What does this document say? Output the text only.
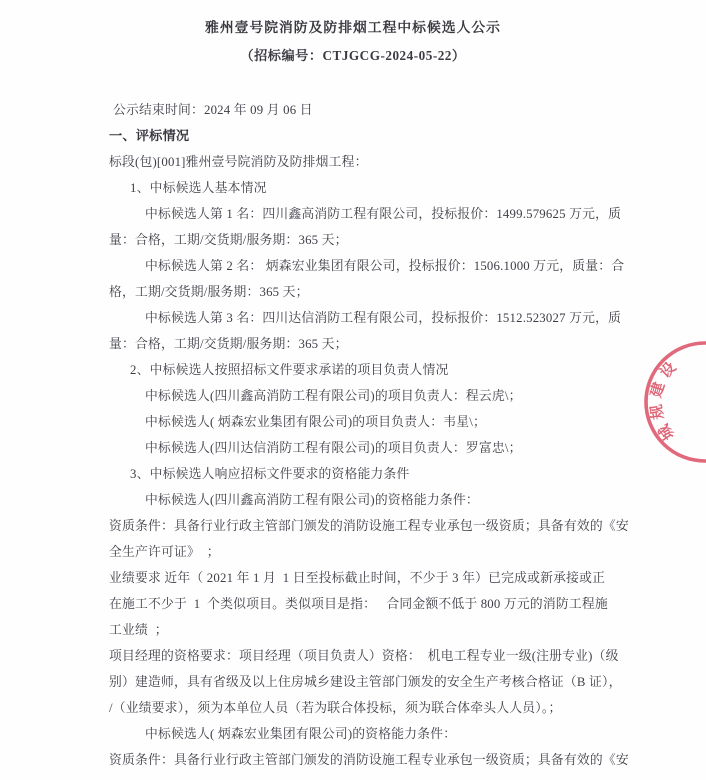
雅州壹号院消防及防排烟工程中标候选人公示
（招标编号：CTJGCG-2024-05-22）
公示结束时间：2024 年 09 月 06 日
一、评标情况
标段(包)[001]雅州壹号院消防及防排烟工程：
1、中标候选人基本情况
中标候选人第 1 名：四川鑫高消防工程有限公司，投标报价：1499.579625 万元，质
量：合格，工期/交货期/服务期：365 天；
中标候选人第 2 名： 炳森宏业集团有限公司，投标报价：1506.1000 万元，质量：合
格，工期/交货期/服务期：365 天；
中标候选人第 3 名：四川达信消防工程有限公司，投标报价：1512.523027 万元，质
量：合格，工期/交货期/服务期：365 天；
2、中标候选人按照招标文件要求承诺的项目负责人情况
中标候选人(四川鑫高消防工程有限公司)的项目负责人：程云虎\；
中标候选人( 炳森宏业集团有限公司)的项目负责人：韦星\；
中标候选人(四川达信消防工程有限公司)的项目负责人：罗富忠\；
3、中标候选人响应招标文件要求的资格能力条件
中标候选人(四川鑫高消防工程有限公司)的资格能力条件：
资质条件：具备行业行政主管部门颁发的消防设施工程专业承包一级资质；具备有效的《安
全生产许可证》  ；
业绩要求 近年（ 2021 年 1 月  1 日至投标截止时间，不少于 3 年）已完成或新承接或正
在施工不少于  1  个类似项目。类似项目是指：   合同金额不低于 800 万元的消防工程施
工业绩  ；
项目经理的资格要求：项目经理（项目负责人）资格：  机电工程专业一级(注册专业)（级
别）建造师，具有省级及以上住房城乡建设主管部门颁发的安全生产考核合格证（B 证），
/（业绩要求），须为本单位人员（若为联合体投标，须为联合体牵头人人员）。；
中标候选人( 炳森宏业集团有限公司)的资格能力条件：
资质条件：具备行业行政主管部门颁发的消防设施工程专业承包一级资质；具备有效的《安
城规建设
